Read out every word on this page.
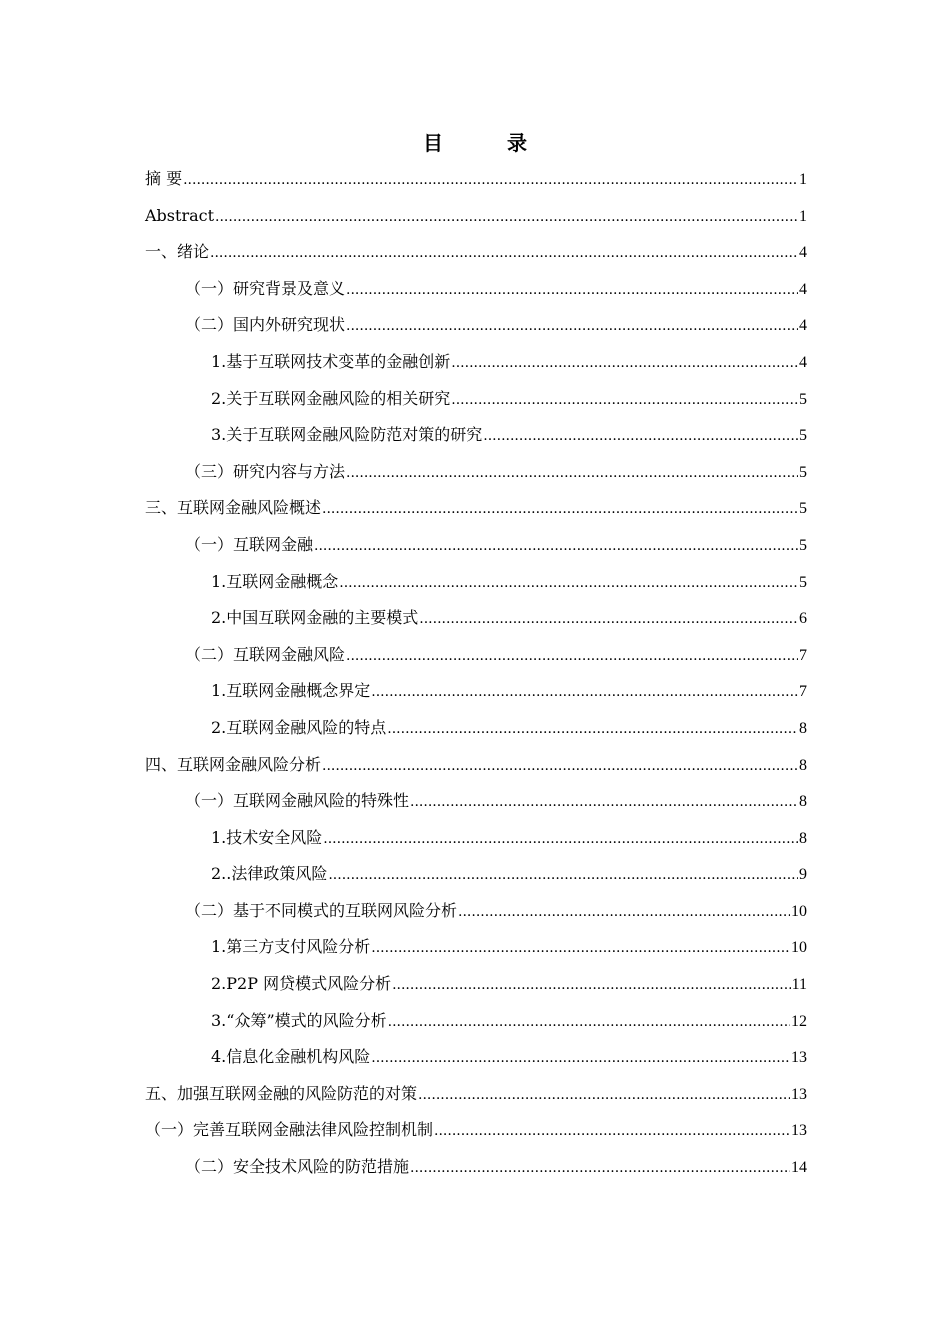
目　录
摘 要 .....	1
Abstract .....	1
一、绪论 .....	4
（一）研究背景及意义 .....	4
（二）国内外研究现状 .....	4
1.基于互联网技术变革的金融创新 .....	4
2.关于互联网金融风险的相关研究 .....	5
3.关于互联网金融风险防范对策的研究 .....	5
（三）研究内容与方法 .....	5
三、互联网金融风险概述 .....	5
（一）互联网金融 .....	5
1.互联网金融概念 .....	5
2.中国互联网金融的主要模式 .....	6
（二）互联网金融风险 .....	7
1.互联网金融概念界定 .....	7
2.互联网金融风险的特点 .....	8
四、互联网金融风险分析 .....	8
（一）互联网金融风险的特殊性 .....	8
1.技术安全风险 .....	8
2..法律政策风险 .....	9
（二）基于不同模式的互联网风险分析 .....	10
1.第三方支付风险分析 .....	10
2.P2P 网贷模式风险分析 .....	11
3.“众筹”模式的风险分析 .....	12
4.信息化金融机构风险 .....	13
五、加强互联网金融的风险防范的对策 .....	13
（一）完善互联网金融法律风险控制机制 .....	13
（二）安全技术风险的防范措施 .....	14
